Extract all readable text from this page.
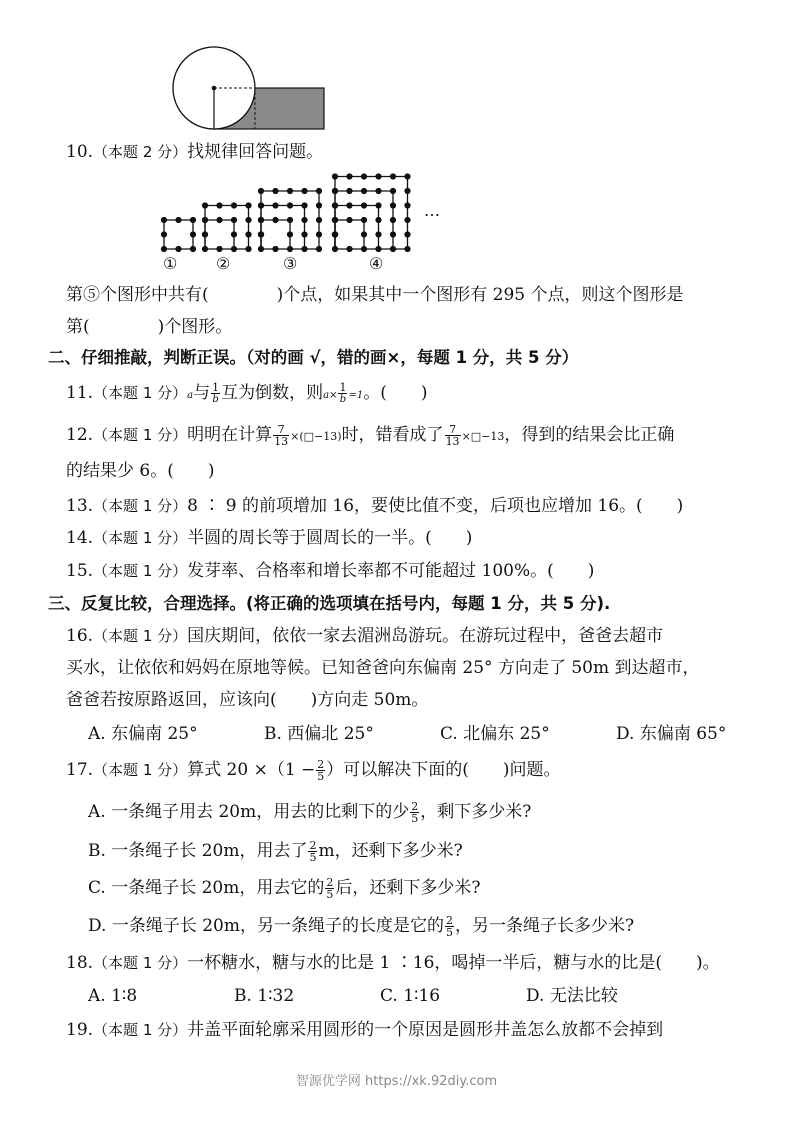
10.（本题 2 分）找规律回答问题。
① ②	③	④
…
第⑤个图形中共有(　　　　)个点，如果其中一个图形有 295 个点，则这个图形是
第(　　　　)个图形。
二、仔细推敲，判断正误。（对的画 √，错的画×，每题 1 分，共 5 分）
11.（本题 1 分）a与 $\frac{1}{b}$ 互为倒数，则$a\times \frac{1}{b} =1$。(　　)
12.（本题 1 分）明明在计算 $\frac{7}{13}$ ×(□−13)时，错看成了 $\frac{7}{13}$ ×□−13，得到的结果会比正确
的结果少 6。(　　)
13.（本题 1 分）8 ∶ 9 的前项增加 16，要使比值不变，后项也应增加 16。(　　)
14.（本题 1 分）半圆的周长等于圆周长的一半。(　　)
15.（本题 1 分）发芽率、合格率和增长率都不可能超过 100%。(　　)
三、反复比较，合理选择。(将正确的选项填在括号内，每题 1 分，共 5 分).
16.（本题 1 分）国庆期间，依依一家去湄洲岛游玩。在游玩过程中，爸爸去超市
买水，让依依和妈妈在原地等候。已知爸爸向东偏南 25° 方向走了 50m 到达超市，
爸爸若按原路返回，应该向(　　)方向走 50m。
A. 东偏南 25°	B. 西偏北 25°	C. 北偏东 25°	D. 东偏南 65°
17.（本题 1 分）算式 $20 \times(1 - \frac{2}{5}$ ）可以解决下面的(　　)问题。
A. 一条绳子用去 20m，用去的比剩下的少 $\frac{2}{5}$ ，剩下多少米?
B. 一条绳子长 20m，用去了 $\frac{2}{5}$ m，还剩下多少米?
C. 一条绳子长 20m，用去它的 $\frac{2}{5}$ 后，还剩下多少米?
D. 一条绳子长 20m，另一条绳子的长度是它的 $\frac{2}{5}$ ，另一条绳子长多少米?
18.（本题 1 分）一杯糖水，糖与水的比是 1 ∶16，喝掉一半后，糖与水的比是(　　)。
A. 1∶8	B. 1∶32	C. 1∶16	D. 无法比较
19.（本题 1 分）井盖平面轮廓采用圆形的一个原因是圆形井盖怎么放都不会掉到
智源优学网 https://xk.92diy.com
